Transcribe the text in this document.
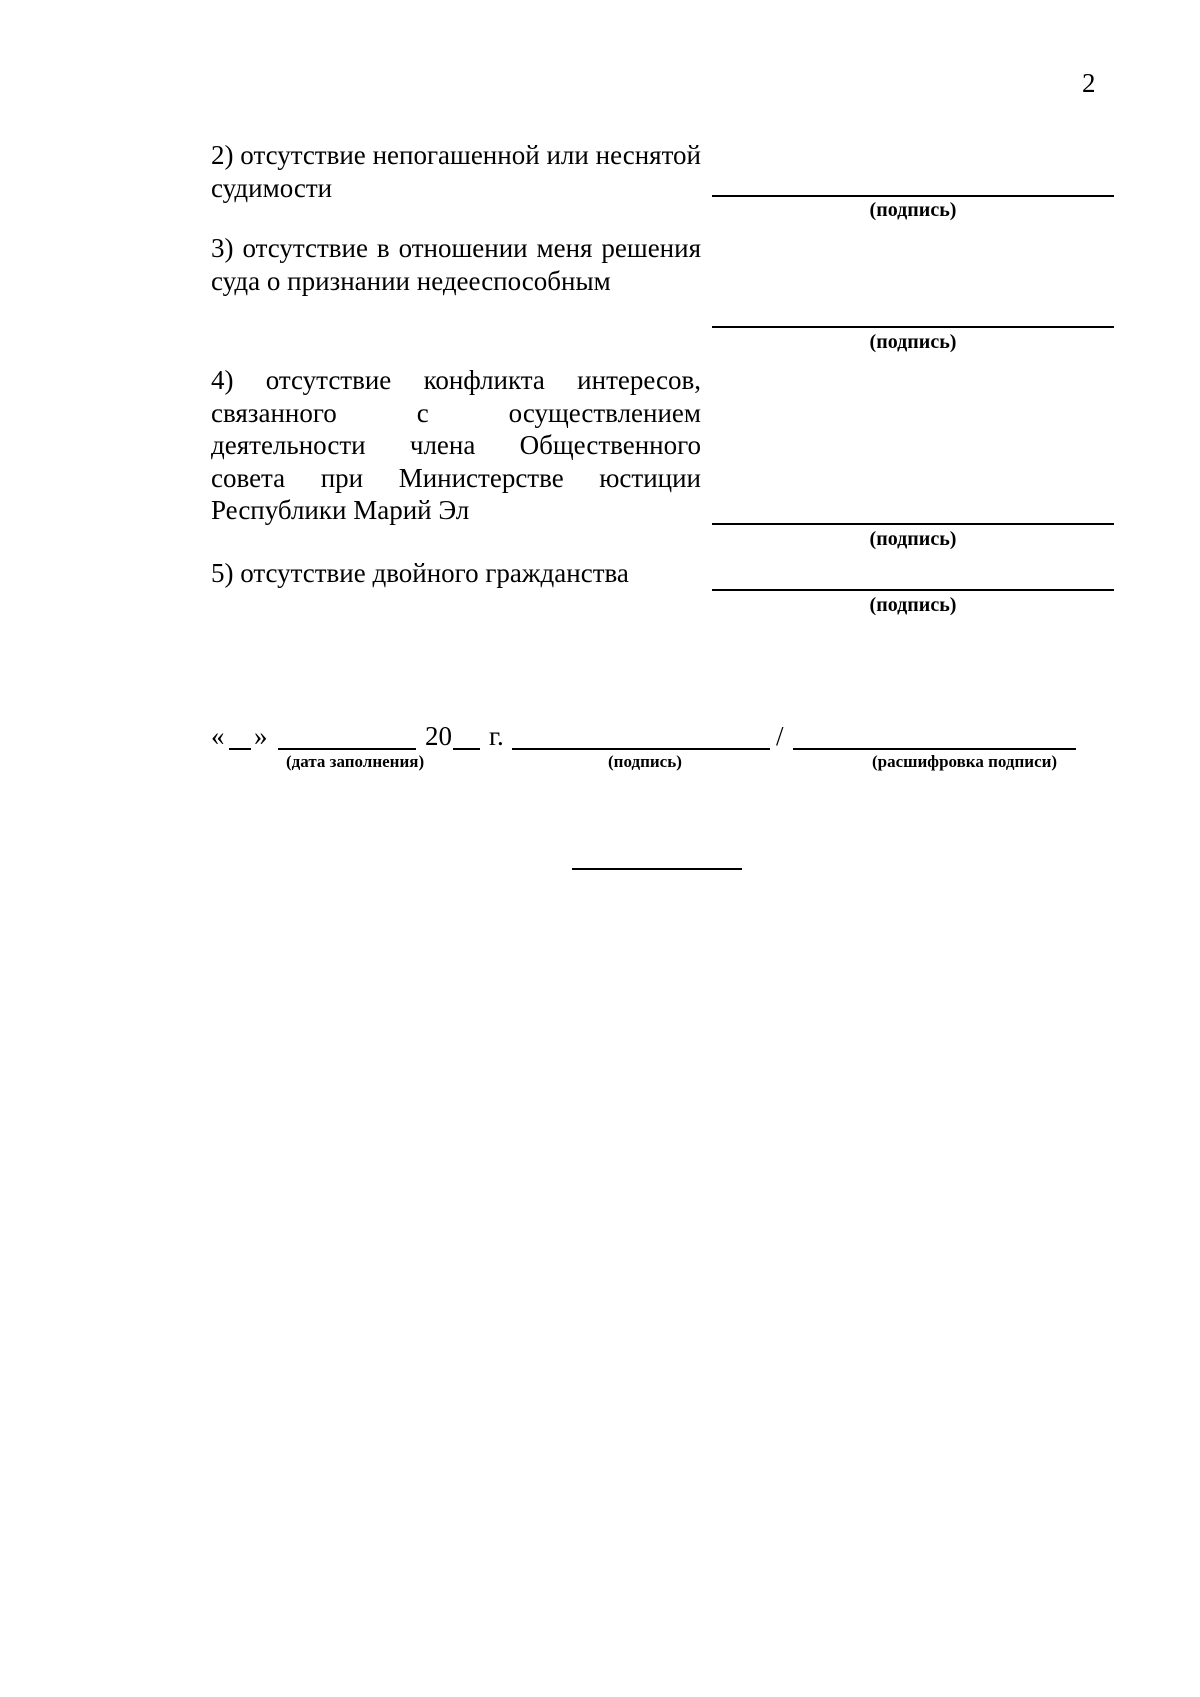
2
2) отсутствие непогашенной или неснятой судимости
(подпись)
3) отсутствие в отношении меня решения суда о признании недееспособным
(подпись)
4) отсутствие конфликта интересов, связанного с осуществлением деятельности члена Общественного совета при Министерстве юстиции Республики Марий Эл
(подпись)
5) отсутствие двойного гражданства
(подпись)
« »	20 г.	/
(дата заполнения)	(подпись)	(расшифровка подписи)
